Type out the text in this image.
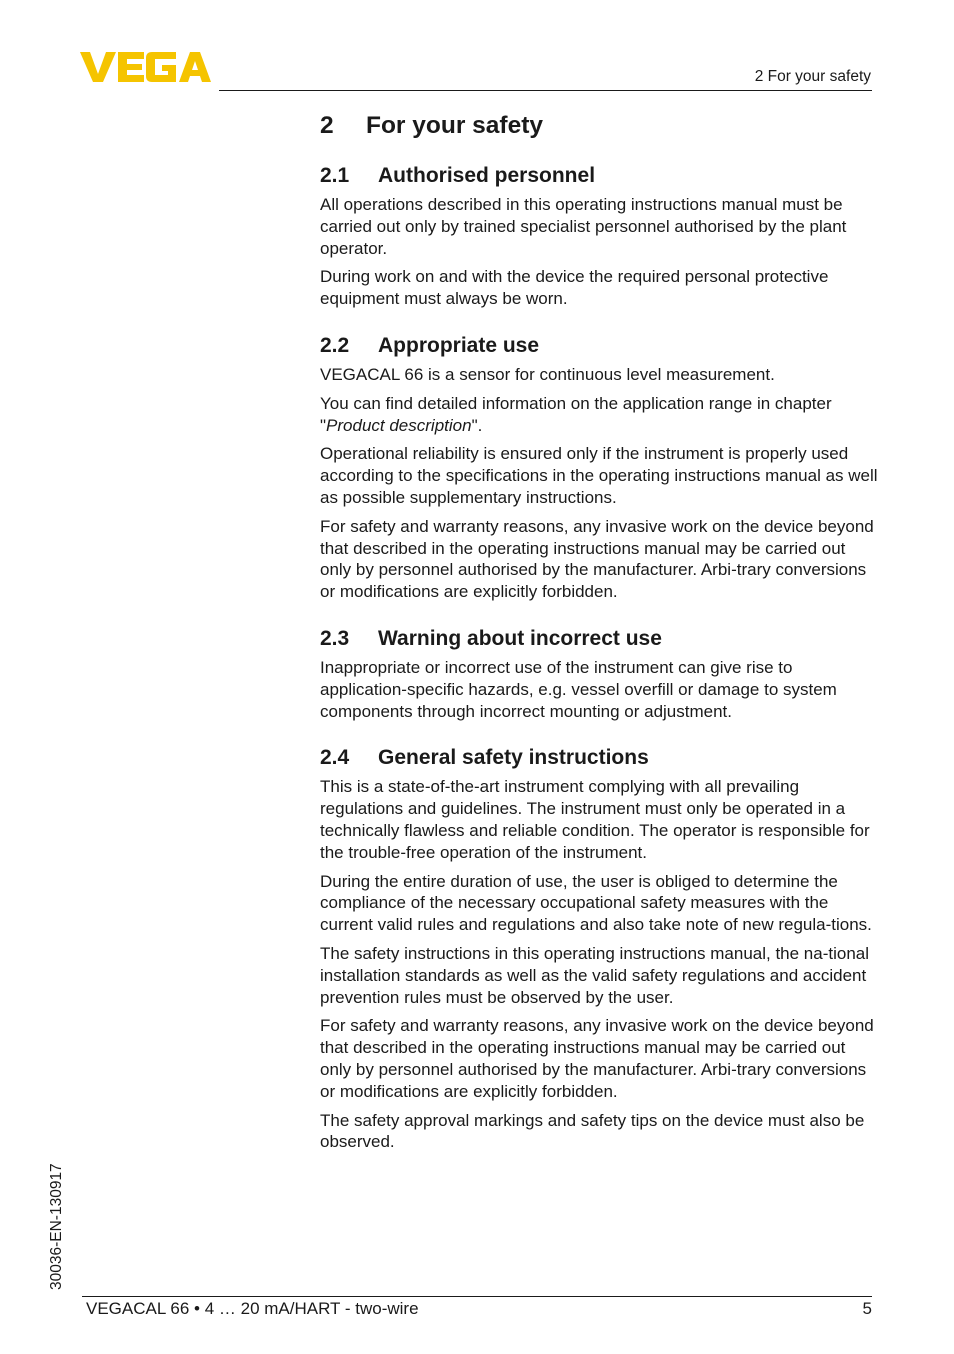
2 For your safety
2	For your safety
2.1	Authorised personnel

All operations described in this operating instructions manual must be carried out only by trained specialist personnel authorised by the plant operator.

During work on and with the device the required personal protective equipment must always be worn.

2.2	Appropriate use

VEGACAL 66 is a sensor for continuous level measurement.

You can find detailed information on the application range in chapter "Product description".

Operational reliability is ensured only if the instrument is properly used according to the specifications in the operating instructions manual as well as possible supplementary instructions.

For safety and warranty reasons, any invasive work on the device beyond that described in the operating instructions manual may be carried out only by personnel authorised by the manufacturer. Arbi-trary conversions or modifications are explicitly forbidden.

2.3	Warning about incorrect use

Inappropriate or incorrect use of the instrument can give rise to application-specific hazards, e.g. vessel overfill or damage to system components through incorrect mounting or adjustment.

2.4	General safety instructions

This is a state-of-the-art instrument complying with all prevailing regulations and guidelines. The instrument must only be operated in a technically flawless and reliable condition. The operator is responsible for the trouble-free operation of the instrument.

During the entire duration of use, the user is obliged to determine the compliance of the necessary occupational safety measures with the current valid rules and regulations and also take note of new regula-tions.

The safety instructions in this operating instructions manual, the na-tional installation standards as well as the valid safety regulations and accident prevention rules must be observed by the user.

For safety and warranty reasons, any invasive work on the device beyond that described in the operating instructions manual may be carried out only by personnel authorised by the manufacturer. Arbi-trary conversions or modifications are explicitly forbidden.

The safety approval markings and safety tips on the device must also be observed.

30036-EN-130917
VEGACAL 66 • 4 … 20 mA/HART - two-wire	5
